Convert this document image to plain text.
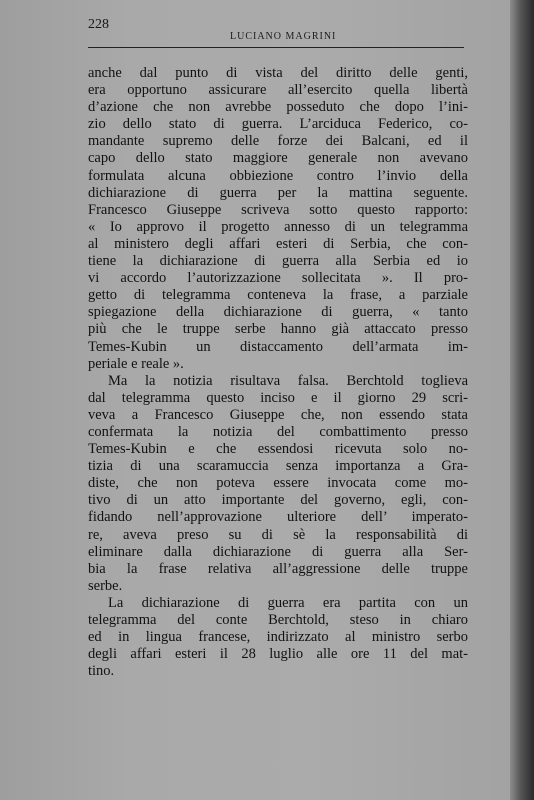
228
LUCIANO MAGRINI
anche dal punto di vista del diritto delle genti,
era opportuno assicurare all’esercito quella libertà
d’azione che non avrebbe posseduto che dopo l’ini-
zio dello stato di guerra. L’arciduca Federico, co-
mandante supremo delle forze dei Balcani, ed il
capo dello stato maggiore generale non avevano
formulata alcuna obbiezione contro l’invio della
dichiarazione di guerra per la mattina seguente.
Francesco Giuseppe scriveva sotto questo rapporto:
« Io approvo il progetto annesso di un telegramma
al ministero degli affari esteri di Serbia, che con-
tiene la dichiarazione di guerra alla Serbia ed io
vi accordo l’autorizzazione sollecitata ». Il pro-
getto di telegramma conteneva la frase, a parziale
spiegazione della dichiarazione di guerra, « tanto
più che le truppe serbe hanno già attaccato presso
Temes-Kubin un distaccamento dell’armata im-
periale e reale ».
Ma la notizia risultava falsa. Berchtold toglieva
dal telegramma questo inciso e il giorno 29 scri-
veva a Francesco Giuseppe che, non essendo stata
confermata la notizia del combattimento presso
Temes-Kubin e che essendosi ricevuta solo no-
tizia di una scaramuccia senza importanza a Gra-
diste, che non poteva essere invocata come mo-
tivo di un atto importante del governo, egli, con-
fidando nell’approvazione ulteriore dell’ imperato-
re, aveva preso su di sè la responsabilità di
eliminare dalla dichiarazione di guerra alla Ser-
bia la frase relativa all’aggressione delle truppe
serbe.
La dichiarazione di guerra era partita con un
telegramma del conte Berchtold, steso in chiaro
ed in lingua francese, indirizzato al ministro serbo
degli affari esteri il 28 luglio alle ore 11 del mat-
tino.
